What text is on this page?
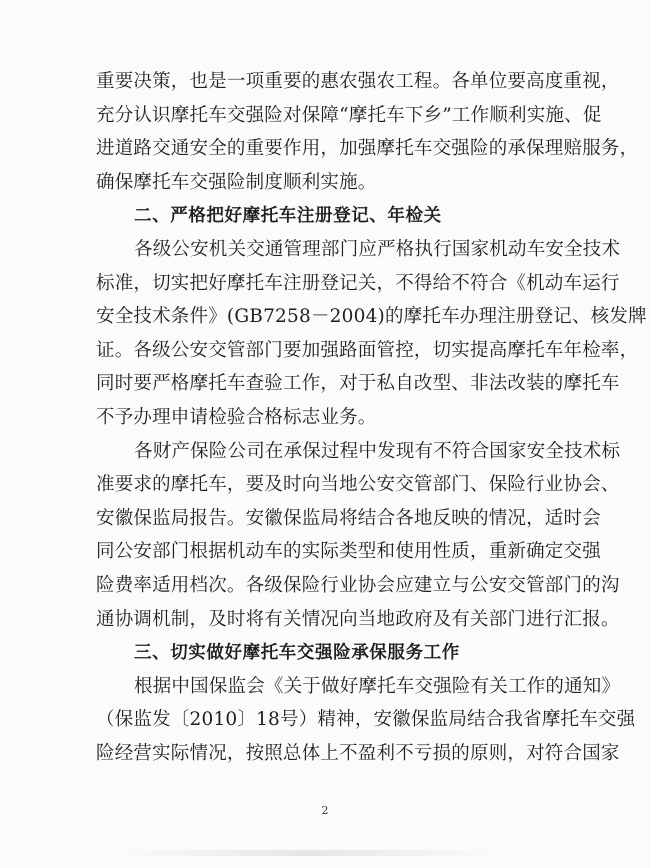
重要决策，也是一项重要的惠农强农工程。各单位要高度重视，
充分认识摩托车交强险对保障“摩托车下乡”工作顺利实施、促
进道路交通安全的重要作用，加强摩托车交强险的承保理赔服务，
确保摩托车交强险制度顺利实施。
二、严格把好摩托车注册登记、年检关
各级公安机关交通管理部门应严格执行国家机动车安全技术
标准，切实把好摩托车注册登记关，不得给不符合《机动车运行
安全技术条件》(GB7258－2004)的摩托车办理注册登记、核发牌
证。各级公安交管部门要加强路面管控，切实提高摩托车年检率，
同时要严格摩托车查验工作，对于私自改型、非法改装的摩托车
不予办理申请检验合格标志业务。
各财产保险公司在承保过程中发现有不符合国家安全技术标
准要求的摩托车，要及时向当地公安交管部门、保险行业协会、
安徽保监局报告。安徽保监局将结合各地反映的情况，适时会
同公安部门根据机动车的实际类型和使用性质，重新确定交强
险费率适用档次。各级保险行业协会应建立与公安交管部门的沟
通协调机制，及时将有关情况向当地政府及有关部门进行汇报。
三、切实做好摩托车交强险承保服务工作
根据中国保监会《关于做好摩托车交强险有关工作的通知》
2
（保监发〔2010〕18号）精神，安徽保监局结合我省摩托车交强
险经营实际情况，按照总体上不盈利不亏损的原则，对符合国家
